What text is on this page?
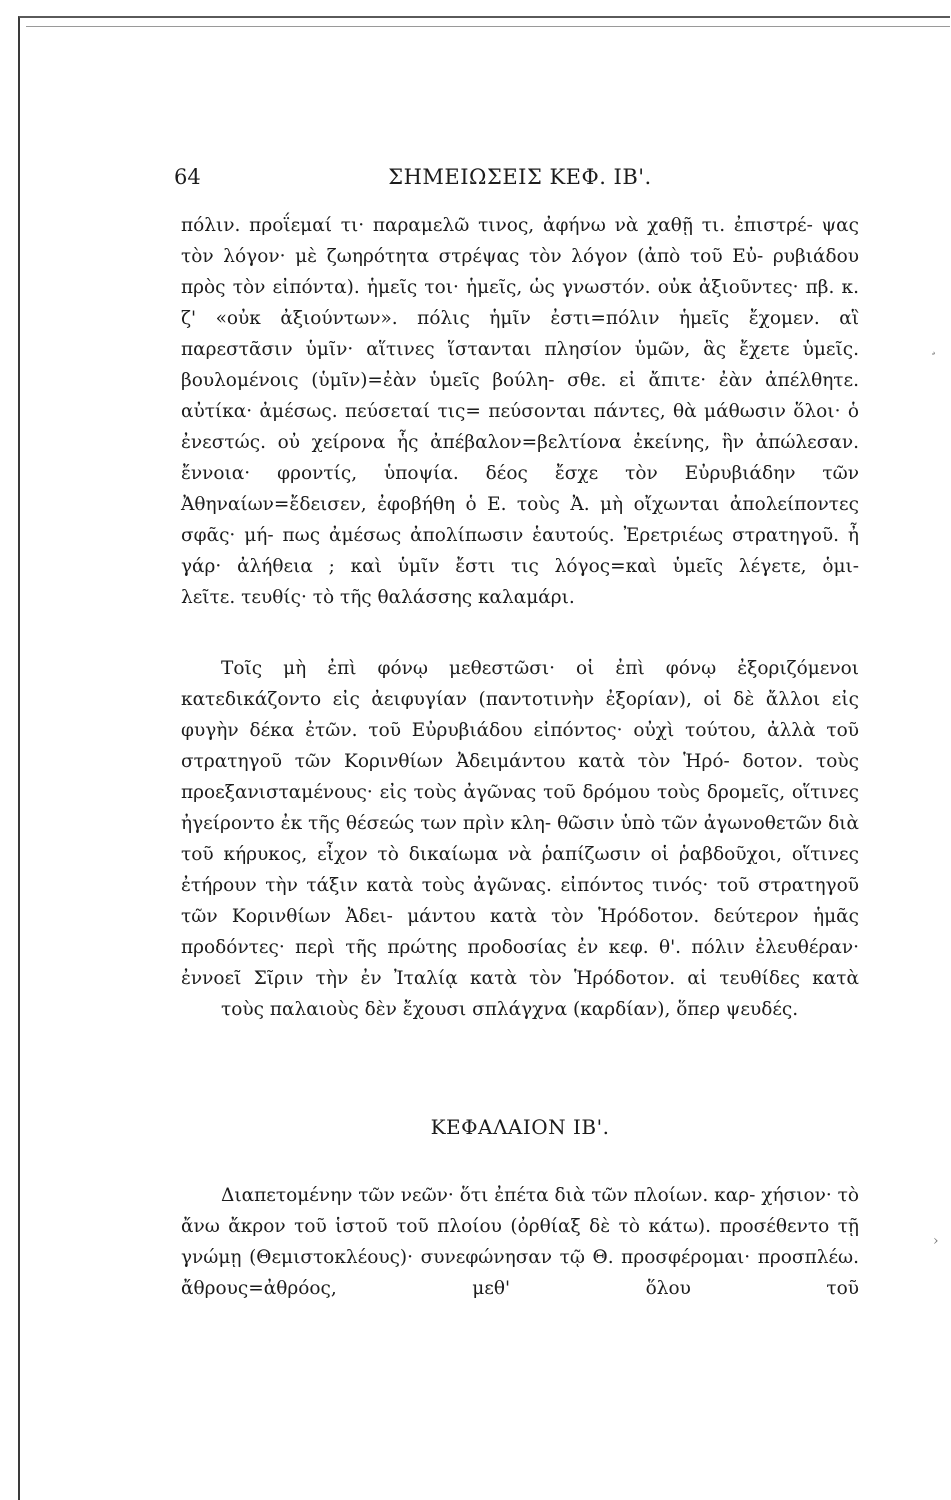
64	ΣΗΜΕΙΩΣΕΙΣ ΚΕΦ. ΙΒ'.

πόλιν. προΐεμαί τι· παραμελῶ τινος, ἀφήνω νὰ χαθῇ τι. ἐπιστρέ- ψας τὸν λόγον· μὲ ζωηρότητα στρέψας τὸν λόγον (ἀπὸ τοῦ Εὐ- ρυβιάδου πρὸς τὸν εἰπόντα). ἡμεῖς τοι· ἡμεῖς, ὡς γνωστόν. οὐκ ἀξιοῦντες· πβ. κ. ζ' «οὐκ ἀξιούντων». πόλις ἡμῖν ἐστι=πόλιν ἡμεῖς ἔχομεν. αἳ παρεστᾶσιν ὑμῖν· αἵτινες ἵστανται πλησίον ὑμῶν, ἃς ἔχετε ὑμεῖς. βουλομένοις (ὑμῖν)=ἐὰν ὑμεῖς βούλη- σθε. εἰ ἄπιτε· ἐὰν ἀπέλθητε. αὐτίκα· ἀμέσως. πεύσεταί τις= πεύσονται πάντες, θὰ μάθωσιν ὅλοι· ὁ ἐνεστώς. οὐ χείρονα ἧς ἀπέβαλον=βελτίονα ἐκείνης, ἣν ἀπώλεσαν. ἔννοια· φροντίς, ὑποψία. δέος ἔσχε τὸν Εὐρυβιάδην τῶν Ἀθηναίων=ἔδεισεν, ἐφοβήθη ὁ Ε. τοὺς Ἀ. μὴ οἴχωνται ἀπολείποντες σφᾶς· μή- πως ἀμέσως ἀπολίπωσιν ἑαυτούς. Ἐρετριέως στρατηγοῦ. ἦ γάρ· ἀλήθεια ; καὶ ὑμῖν ἔστι τις λόγος=καὶ ὑμεῖς λέγετε, ὁμι-
λεῖτε. τευθίς· τὸ τῆς θαλάσσης καλαμάρι.

Τοῖς μὴ ἐπὶ φόνῳ μεθεστῶσι· οἱ ἐπὶ φόνῳ ἐξοριζόμενοι κατεδικάζοντο εἰς ἀειφυγίαν (παντοτινὴν ἐξορίαν), οἱ δὲ ἄλλοι εἰς φυγὴν δέκα ἐτῶν. τοῦ Εὐρυβιάδου εἰπόντος· οὐχὶ τούτου, ἀλλὰ τοῦ στρατηγοῦ τῶν Κορινθίων Ἀδειμάντου κατὰ τὸν Ἡρό- δοτον. τοὺς προεξανισταμένους· εἰς τοὺς ἀγῶνας τοῦ δρόμου τοὺς δρομεῖς, οἵτινες ἠγείροντο ἐκ τῆς θέσεώς των πρὶν κλη- θῶσιν ὑπὸ τῶν ἀγωνοθετῶν διὰ τοῦ κήρυκος, εἶχον τὸ δικαίωμα νὰ ῥαπίζωσιν οἱ ῥαβδοῦχοι, οἵτινες ἐτήρουν τὴν τάξιν κατὰ τοὺς ἀγῶνας. εἰπόντος τινός· τοῦ στρατηγοῦ τῶν Κορινθίων Ἀδει- μάντου κατὰ τὸν Ἡρόδοτον. δεύτερον ἡμᾶς προδόντες· περὶ τῆς πρώτης προδοσίας ἐν κεφ. θ'. πόλιν ἐλευθέραν· ἐννοεῖ Σῖριν τὴν ἐν Ἰταλίᾳ κατὰ τὸν Ἡρόδοτον. αἱ τευθίδες κατὰ
τοὺς παλαιοὺς δὲν ἔχουσι σπλάγχνα (καρδίαν), ὅπερ ψευδές.

ΚΕΦΑΛΑΙΟΝ ΙΒ'.

Διαπετομένην τῶν νεῶν· ὅτι ἐπέτα διὰ τῶν πλοίων. καρ- χήσιον· τὸ ἄνω ἄκρον τοῦ ἱστοῦ τοῦ πλοίου (ὀρθίαξ δὲ τὸ κάτω). προσέθεντο τῇ γνώμῃ (Θεμιστοκλέους)· συνεφώνησαν τῷ Θ. προσφέρομαι· προσπλέω. ἄθρους=ἀθρόος, μεθ' ὅλου τοῦ

¸
›
